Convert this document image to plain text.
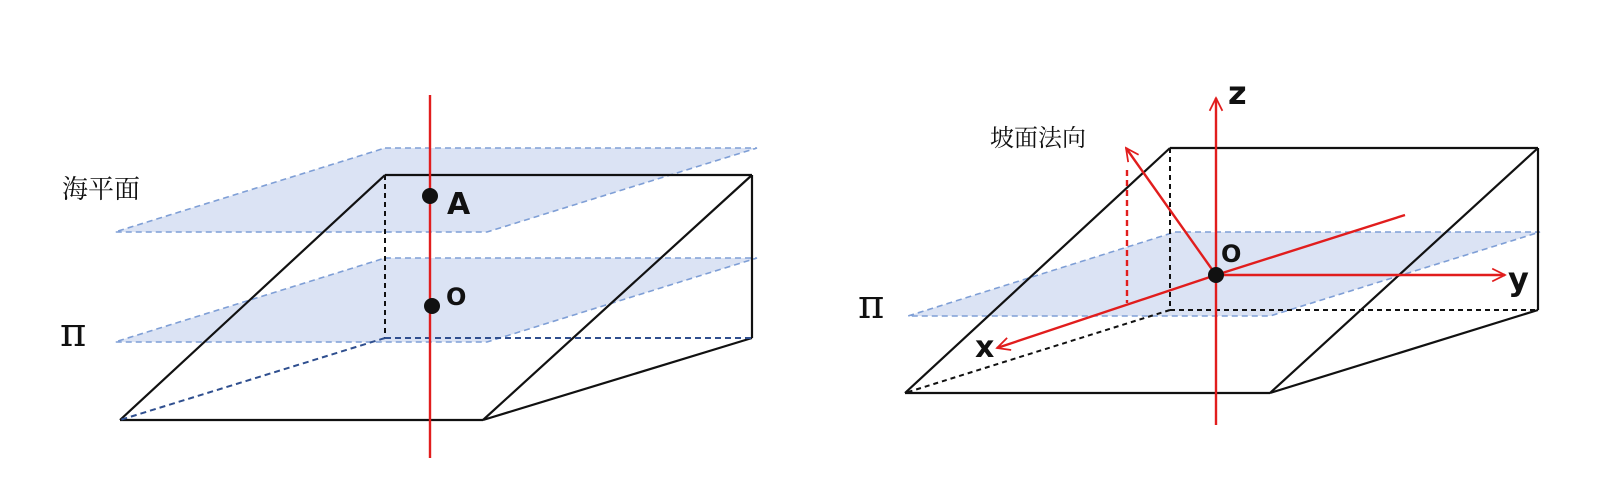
海平面
π
A
O
坡面法向
π
O
z
y
x
